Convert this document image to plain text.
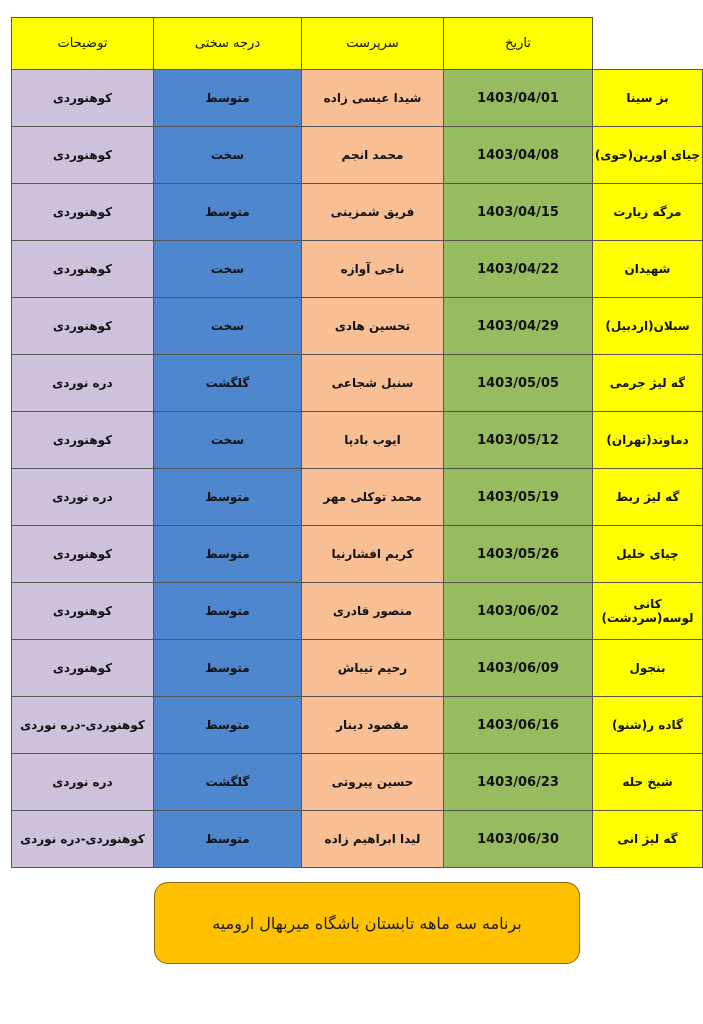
توضیحات	درجه سختی	سرپرست	تاریخ	
کوهنوردی	متوسط	شیدا عیسی زاده	1403/04/01	بز سینا
کوهنوردی	سخت	محمد انجم	1403/04/08	چیای اورین(خوی)
کوهنوردی	متوسط	فریق شمزینی	1403/04/15	مرگه زیارت
کوهنوردی	سخت	ناجی آوازه	1403/04/22	شهیدان
کوهنوردی	سخت	تحسین هادی	1403/04/29	سبلان(اردبیل)
دره نوردی	گلگشت	سنبل شجاعی	1403/05/05	گه لیژ جرمی
کوهنوردی	سخت	ایوب بادپا	1403/05/12	دماوند(تهران)
دره نوردی	متوسط	محمد توکلی مهر	1403/05/19	گه لیژ ربط
کوهنوردی	متوسط	کریم افشارنیا	1403/05/26	چیای خلیل
کوهنوردی	متوسط	منصور قادری	1403/06/02	کانی لوسه(سردشت)
کوهنوردی	متوسط	رحیم تیباش	1403/06/09	بنجول
کوهنوردی-دره نوردی	متوسط	مقصود دینار	1403/06/16	گاده ر(شنو)
دره نوردی	گلگشت	حسین پیروتی	1403/06/23	شیخ حله
کوهنوردی-دره نوردی	متوسط	لیدا ابراهیم زاده	1403/06/30	گه لیژ انی
برنامه سه ماهه تابستان باشگاه میربهال ارومیه
